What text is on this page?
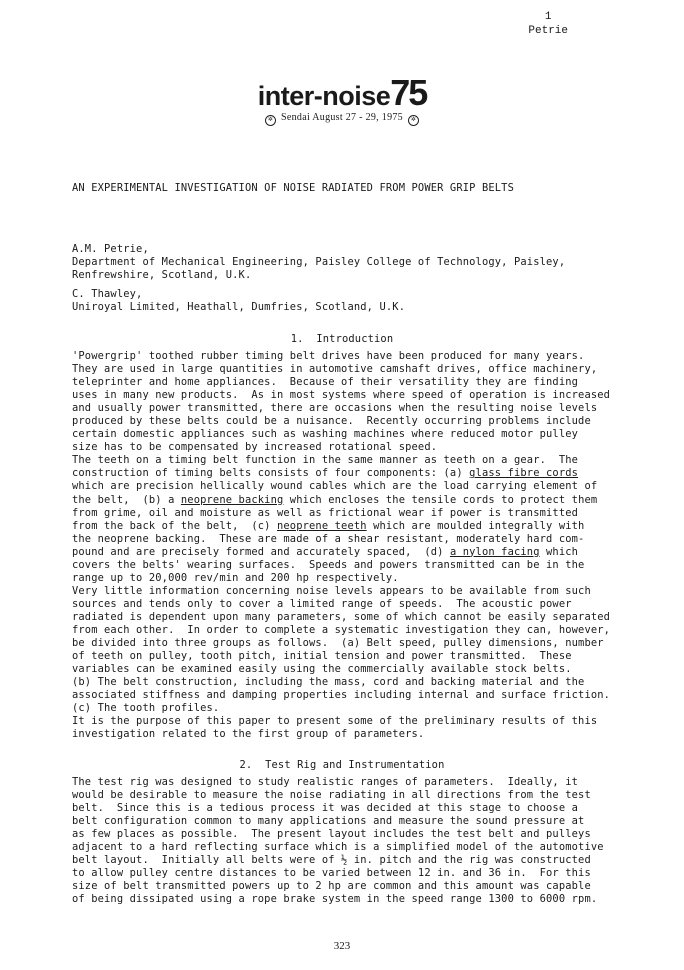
1
Petrie
inter-noise75
✲ Sendai August 27 - 29, 1975 ✲
AN EXPERIMENTAL INVESTIGATION OF NOISE RADIATED FROM POWER GRIP BELTS
A.M. Petrie,
Department of Mechanical Engineering, Paisley College of Technology, Paisley,
Renfrewshire, Scotland, U.K.
C. Thawley,
Uniroyal Limited, Heathall, Dumfries, Scotland, U.K.
1.  Introduction
'Powergrip' toothed rubber timing belt drives have been produced for many years.
They are used in large quantities in automotive camshaft drives, office machinery,
teleprinter and home appliances.  Because of their versatility they are finding
uses in many new products.  As in most systems where speed of operation is increased
and usually power transmitted, there are occasions when the resulting noise levels
produced by these belts could be a nuisance.  Recently occurring problems include
certain domestic appliances such as washing machines where reduced motor pulley
size has to be compensated by increased rotational speed.
The teeth on a timing belt function in the same manner as teeth on a gear.  The
construction of timing belts consists of four components: (a) glass fibre cords
which are precision hellically wound cables which are the load carrying element of
the belt,  (b) a neoprene backing which encloses the tensile cords to protect them
from grime, oil and moisture as well as frictional wear if power is transmitted
from the back of the belt,  (c) neoprene teeth which are moulded integrally with
the neoprene backing.  These are made of a shear resistant, moderately hard com-
pound and are precisely formed and accurately spaced,  (d) a nylon facing which
covers the belts' wearing surfaces.  Speeds and powers transmitted can be in the
range up to 20,000 rev/min and 200 hp respectively.
Very little information concerning noise levels appears to be available from such
sources and tends only to cover a limited range of speeds.  The acoustic power
radiated is dependent upon many parameters, some of which cannot be easily separated
from each other.  In order to complete a systematic investigation they can, however,
be divided into three groups as follows.  (a) Belt speed, pulley dimensions, number
of teeth on pulley, tooth pitch, initial tension and power transmitted.  These
variables can be examined easily using the commercially available stock belts.
(b) The belt construction, including the mass, cord and backing material and the
associated stiffness and damping properties including internal and surface friction.
(c) The tooth profiles.
It is the purpose of this paper to present some of the preliminary results of this
investigation related to the first group of parameters.
2.  Test Rig and Instrumentation
The test rig was designed to study realistic ranges of parameters.  Ideally, it
would be desirable to measure the noise radiating in all directions from the test
belt.  Since this is a tedious process it was decided at this stage to choose a
belt configuration common to many applications and measure the sound pressure at
as few places as possible.  The present layout includes the test belt and pulleys
adjacent to a hard reflecting surface which is a simplified model of the automotive
belt layout.  Initially all belts were of ½ in. pitch and the rig was constructed
to allow pulley centre distances to be varied between 12 in. and 36 in.  For this
size of belt transmitted powers up to 2 hp are common and this amount was capable
of being dissipated using a rope brake system in the speed range 1300 to 6000 rpm.
323
